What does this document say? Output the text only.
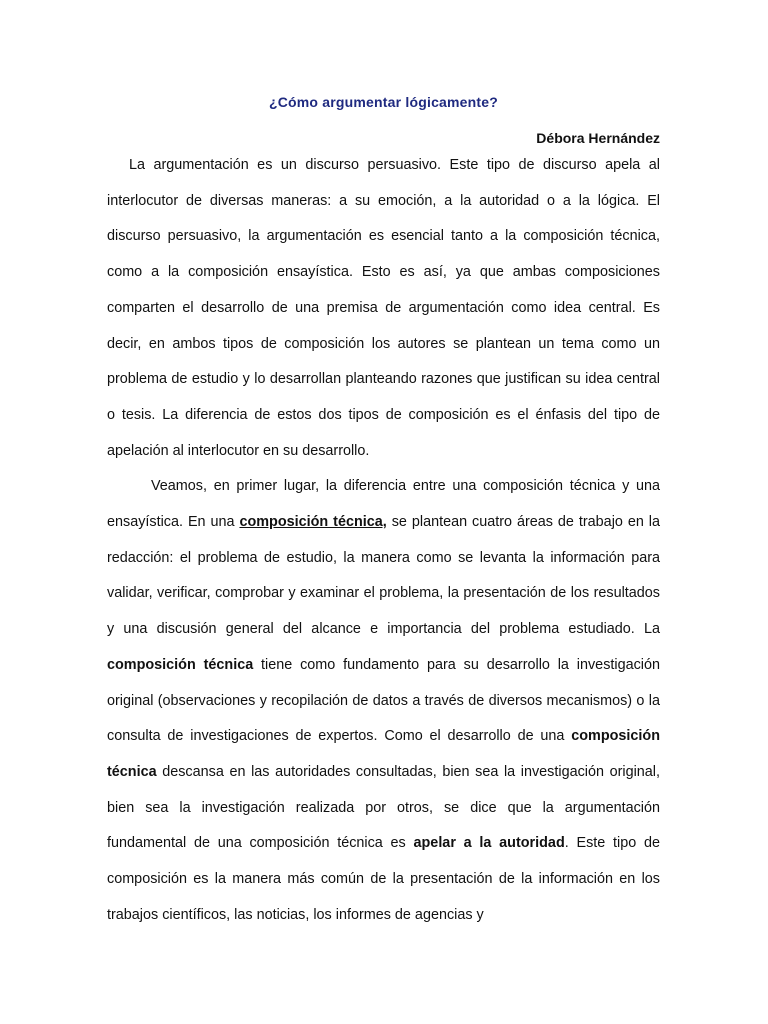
¿Cómo argumentar lógicamente?

Débora Hernández

La argumentación es un discurso persuasivo. Este tipo de discurso apela al interlocutor de diversas maneras: a su emoción, a la autoridad o a la lógica. El discurso persuasivo, la argumentación es esencial tanto a la composición técnica, como a la composición ensayística. Esto es así, ya que ambas composiciones comparten el desarrollo de una premisa de argumentación como idea central. Es decir, en ambos tipos de composición los autores se plantean un tema como un problema de estudio y lo desarrollan planteando razones que justifican su idea central o tesis. La diferencia de estos dos tipos de composición es el énfasis del tipo de apelación al interlocutor en su desarrollo.

Veamos, en primer lugar, la diferencia entre una composición técnica y una ensayística. En una composición técnica, se plantean cuatro áreas de trabajo en la redacción: el problema de estudio, la manera como se levanta la información para validar, verificar, comprobar y examinar el problema, la presentación de los resultados y una discusión general del alcance e importancia del problema estudiado. La composición técnica tiene como fundamento para su desarrollo la investigación original (observaciones y recopilación de datos a través de diversos mecanismos) o la consulta de investigaciones de expertos. Como el desarrollo de una composición técnica descansa en las autoridades consultadas, bien sea la investigación original, bien sea la investigación realizada por otros, se dice que la argumentación fundamental de una composición técnica es apelar a la autoridad. Este tipo de composición es la manera más común de la presentación de la información en los trabajos científicos, las noticias, los informes de agencias y
